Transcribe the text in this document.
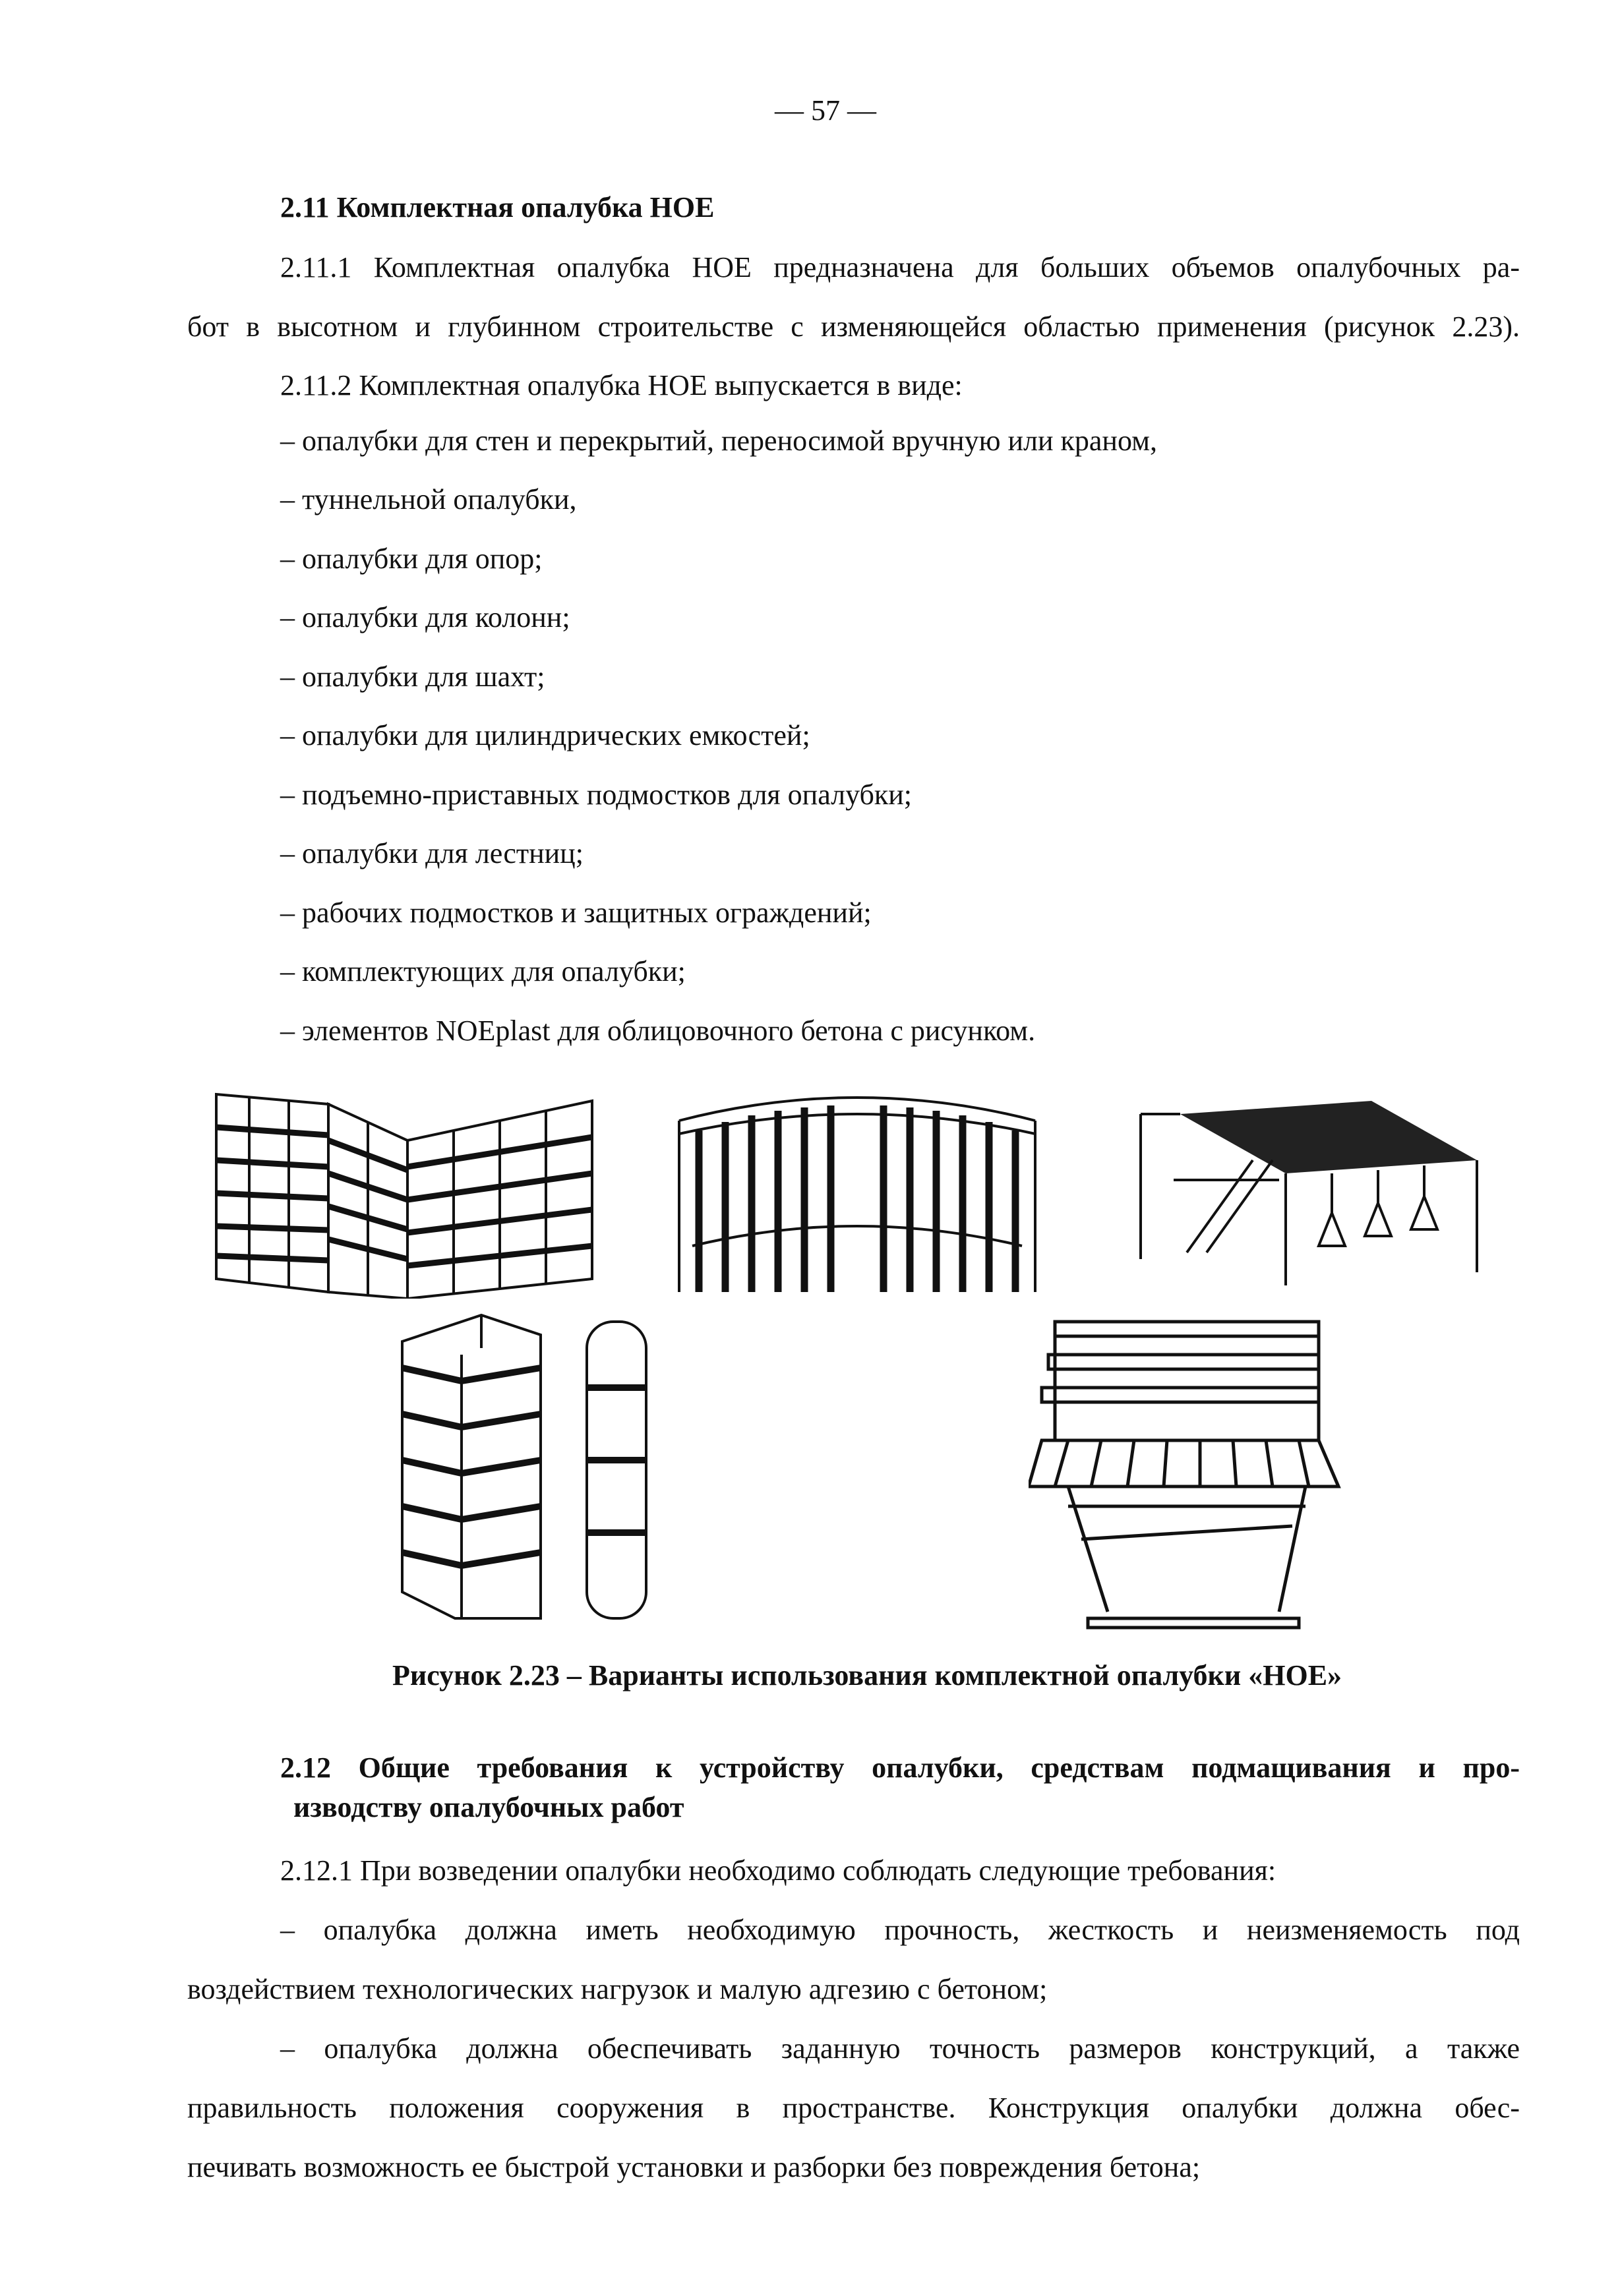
— 57 —
2.11 Комплектная опалубка НОЕ
2.11.1 Комплектная опалубка НОЕ предназначена для больших объемов опалубочных ра-
бот в высотном и глубинном строительстве с изменяющейся областью применения (рисунок 2.23).
2.11.2 Комплектная опалубка НОЕ выпускается в виде:
– опалубки для стен и перекрытий, переносимой вручную или краном,
– туннельной опалубки,
– опалубки для опор;
– опалубки для колонн;
– опалубки для шахт;
– опалубки для цилиндрических емкостей;
– подъемно-приставных подмостков для опалубки;
– опалубки для лестниц;
– рабочих подмостков и защитных ограждений;
– комплектующих для опалубки;
– элементов NOEplast для облицовочного бетона с рисунком.
Рисунок 2.23 – Варианты использования комплектной опалубки «НОЕ»
2.12 Общие требования к устройству опалубки, средствам подмащивания и про-
изводству опалубочных работ
2.12.1 При возведении опалубки необходимо соблюдать следующие требования:
– опалубка должна иметь необходимую прочность, жесткость и неизменяемость под
воздействием технологических нагрузок и малую адгезию с бетоном;
– опалубка должна обеспечивать заданную точность размеров конструкций, а также
правильность положения сооружения в пространстве. Конструкция опалубки должна обес-
печивать возможность ее быстрой установки и разборки без повреждения бетона;
